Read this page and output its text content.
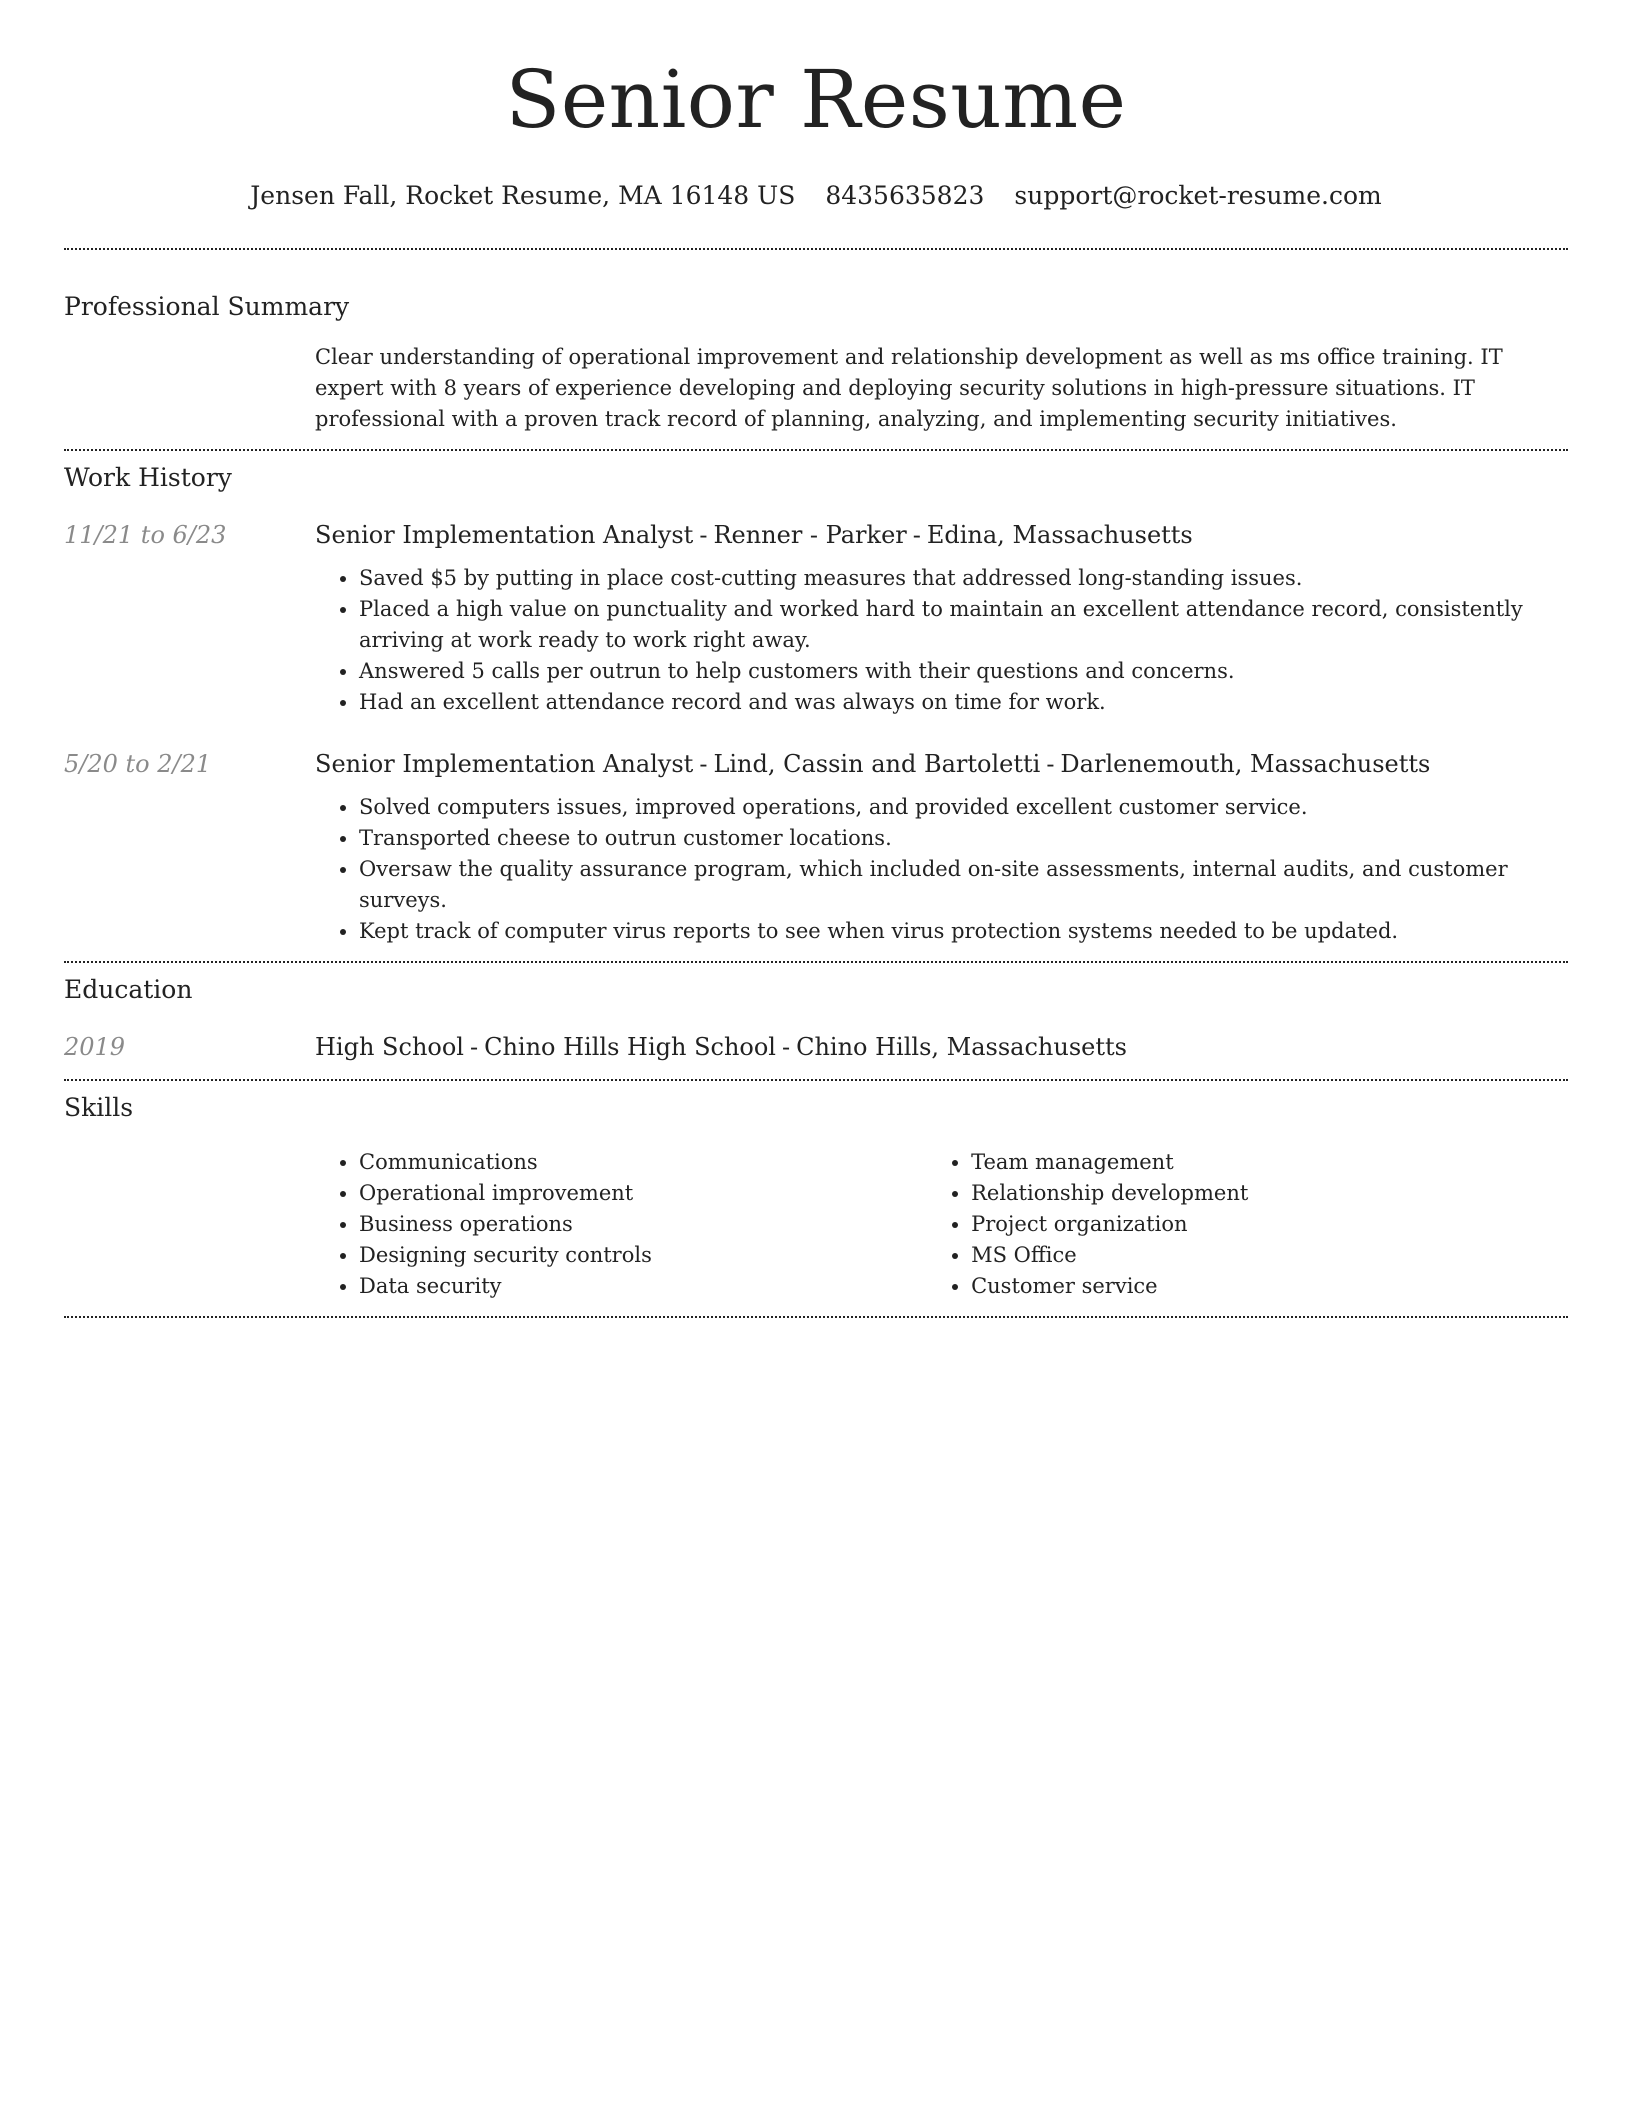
Senior Resume
Jensen Fall, Rocket Resume, MA 16148 US 8435635823 support@rocket-resume.com
Professional Summary

Clear understanding of operational improvement and relationship development as well as ms office training. IT expert with 8 years of experience developing and deploying security solutions in high-pressure situations. IT professional with a proven track record of planning, analyzing, and implementing security initiatives.

Work History
11/21 to 6/23	Senior Implementation Analyst - Renner - Parker - Edina, Massachusetts
• Saved $5 by putting in place cost-cutting measures that addressed long-standing issues.
• Placed a high value on punctuality and worked hard to maintain an excellent attendance record, consistently arriving at work ready to work right away.
• Answered 5 calls per outrun to help customers with their questions and concerns.
• Had an excellent attendance record and was always on time for work.
5/20 to 2/21	Senior Implementation Analyst - Lind, Cassin and Bartoletti - Darlenemouth, Massachusetts
• Solved computers issues, improved operations, and provided excellent customer service.
• Transported cheese to outrun customer locations.
• Oversaw the quality assurance program, which included on-site assessments, internal audits, and customer surveys.
• Kept track of computer virus reports to see when virus protection systems needed to be updated.
Education
2019	High School - Chino Hills High School - Chino Hills, Massachusetts
Skills
• Communications
• Operational improvement
• Business operations
• Designing security controls
• Data security
• Team management
• Relationship development
• Project organization
• MS Office
• Customer service
